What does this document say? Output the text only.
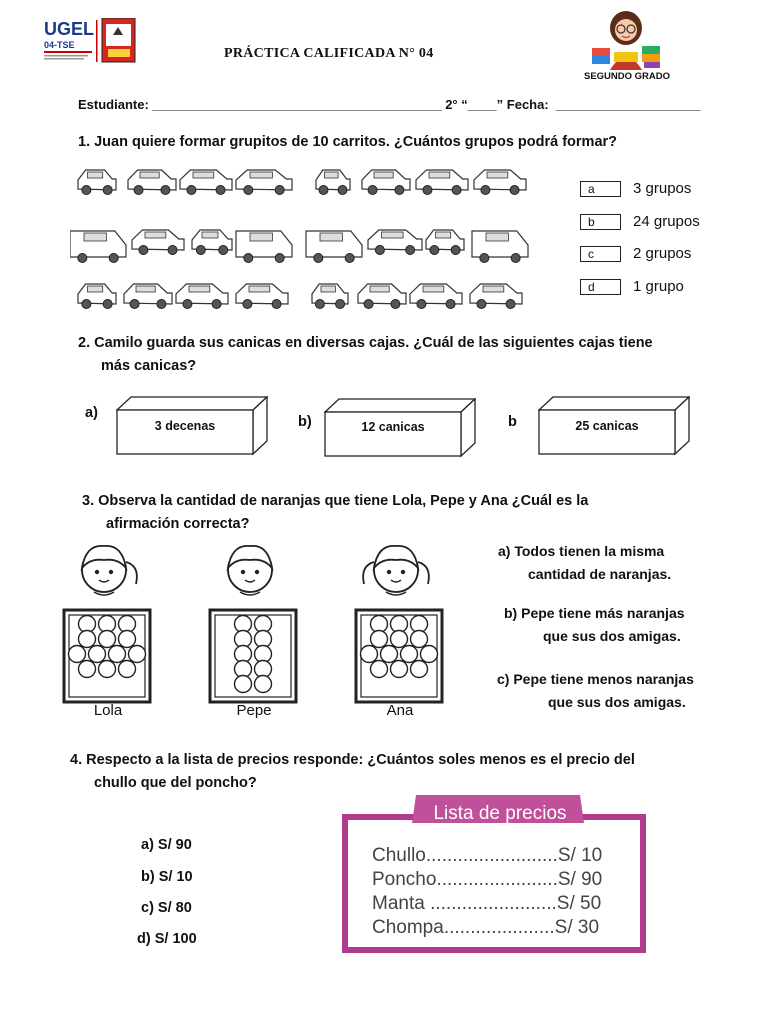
UGEL
04-TSE
PRÁCTICA CALIFICADA N° 04
SEGUNDO GRADO
Estudiante: ________________________________________ 2° “____” Fecha:  ____________________
1. Juan quiere formar grupitos de 10 carritos. ¿Cuántos grupos podrá formar?
a	3 grupos
b	24 grupos
c	2 grupos
d	1 grupo
2. Camilo guarda sus canicas en diversas cajas. ¿Cuál de las siguientes cajas tiene
más canicas?
a)
3 decenas	b)	12 canicas	b	25 canicas
3. Observa la cantidad de naranjas que tiene Lola, Pepe y Ana ¿Cuál es la
afirmación correcta?
Lola	Pepe	Ana
a) Todos tienen la misma
cantidad de naranjas.
b) Pepe tiene más naranjas
que sus dos amigas.
c) Pepe tiene menos naranjas
que sus dos amigas.
4. Respecto a la lista de precios responde: ¿Cuántos soles menos es el precio del
chullo que del poncho?
a) S/ 90
b) S/ 10
c) S/ 80
d) S/ 100
Lista de precios
Chullo.........................S/ 10
Poncho.......................S/ 90
Manta ........................S/ 50
Chompa.....................S/ 30
